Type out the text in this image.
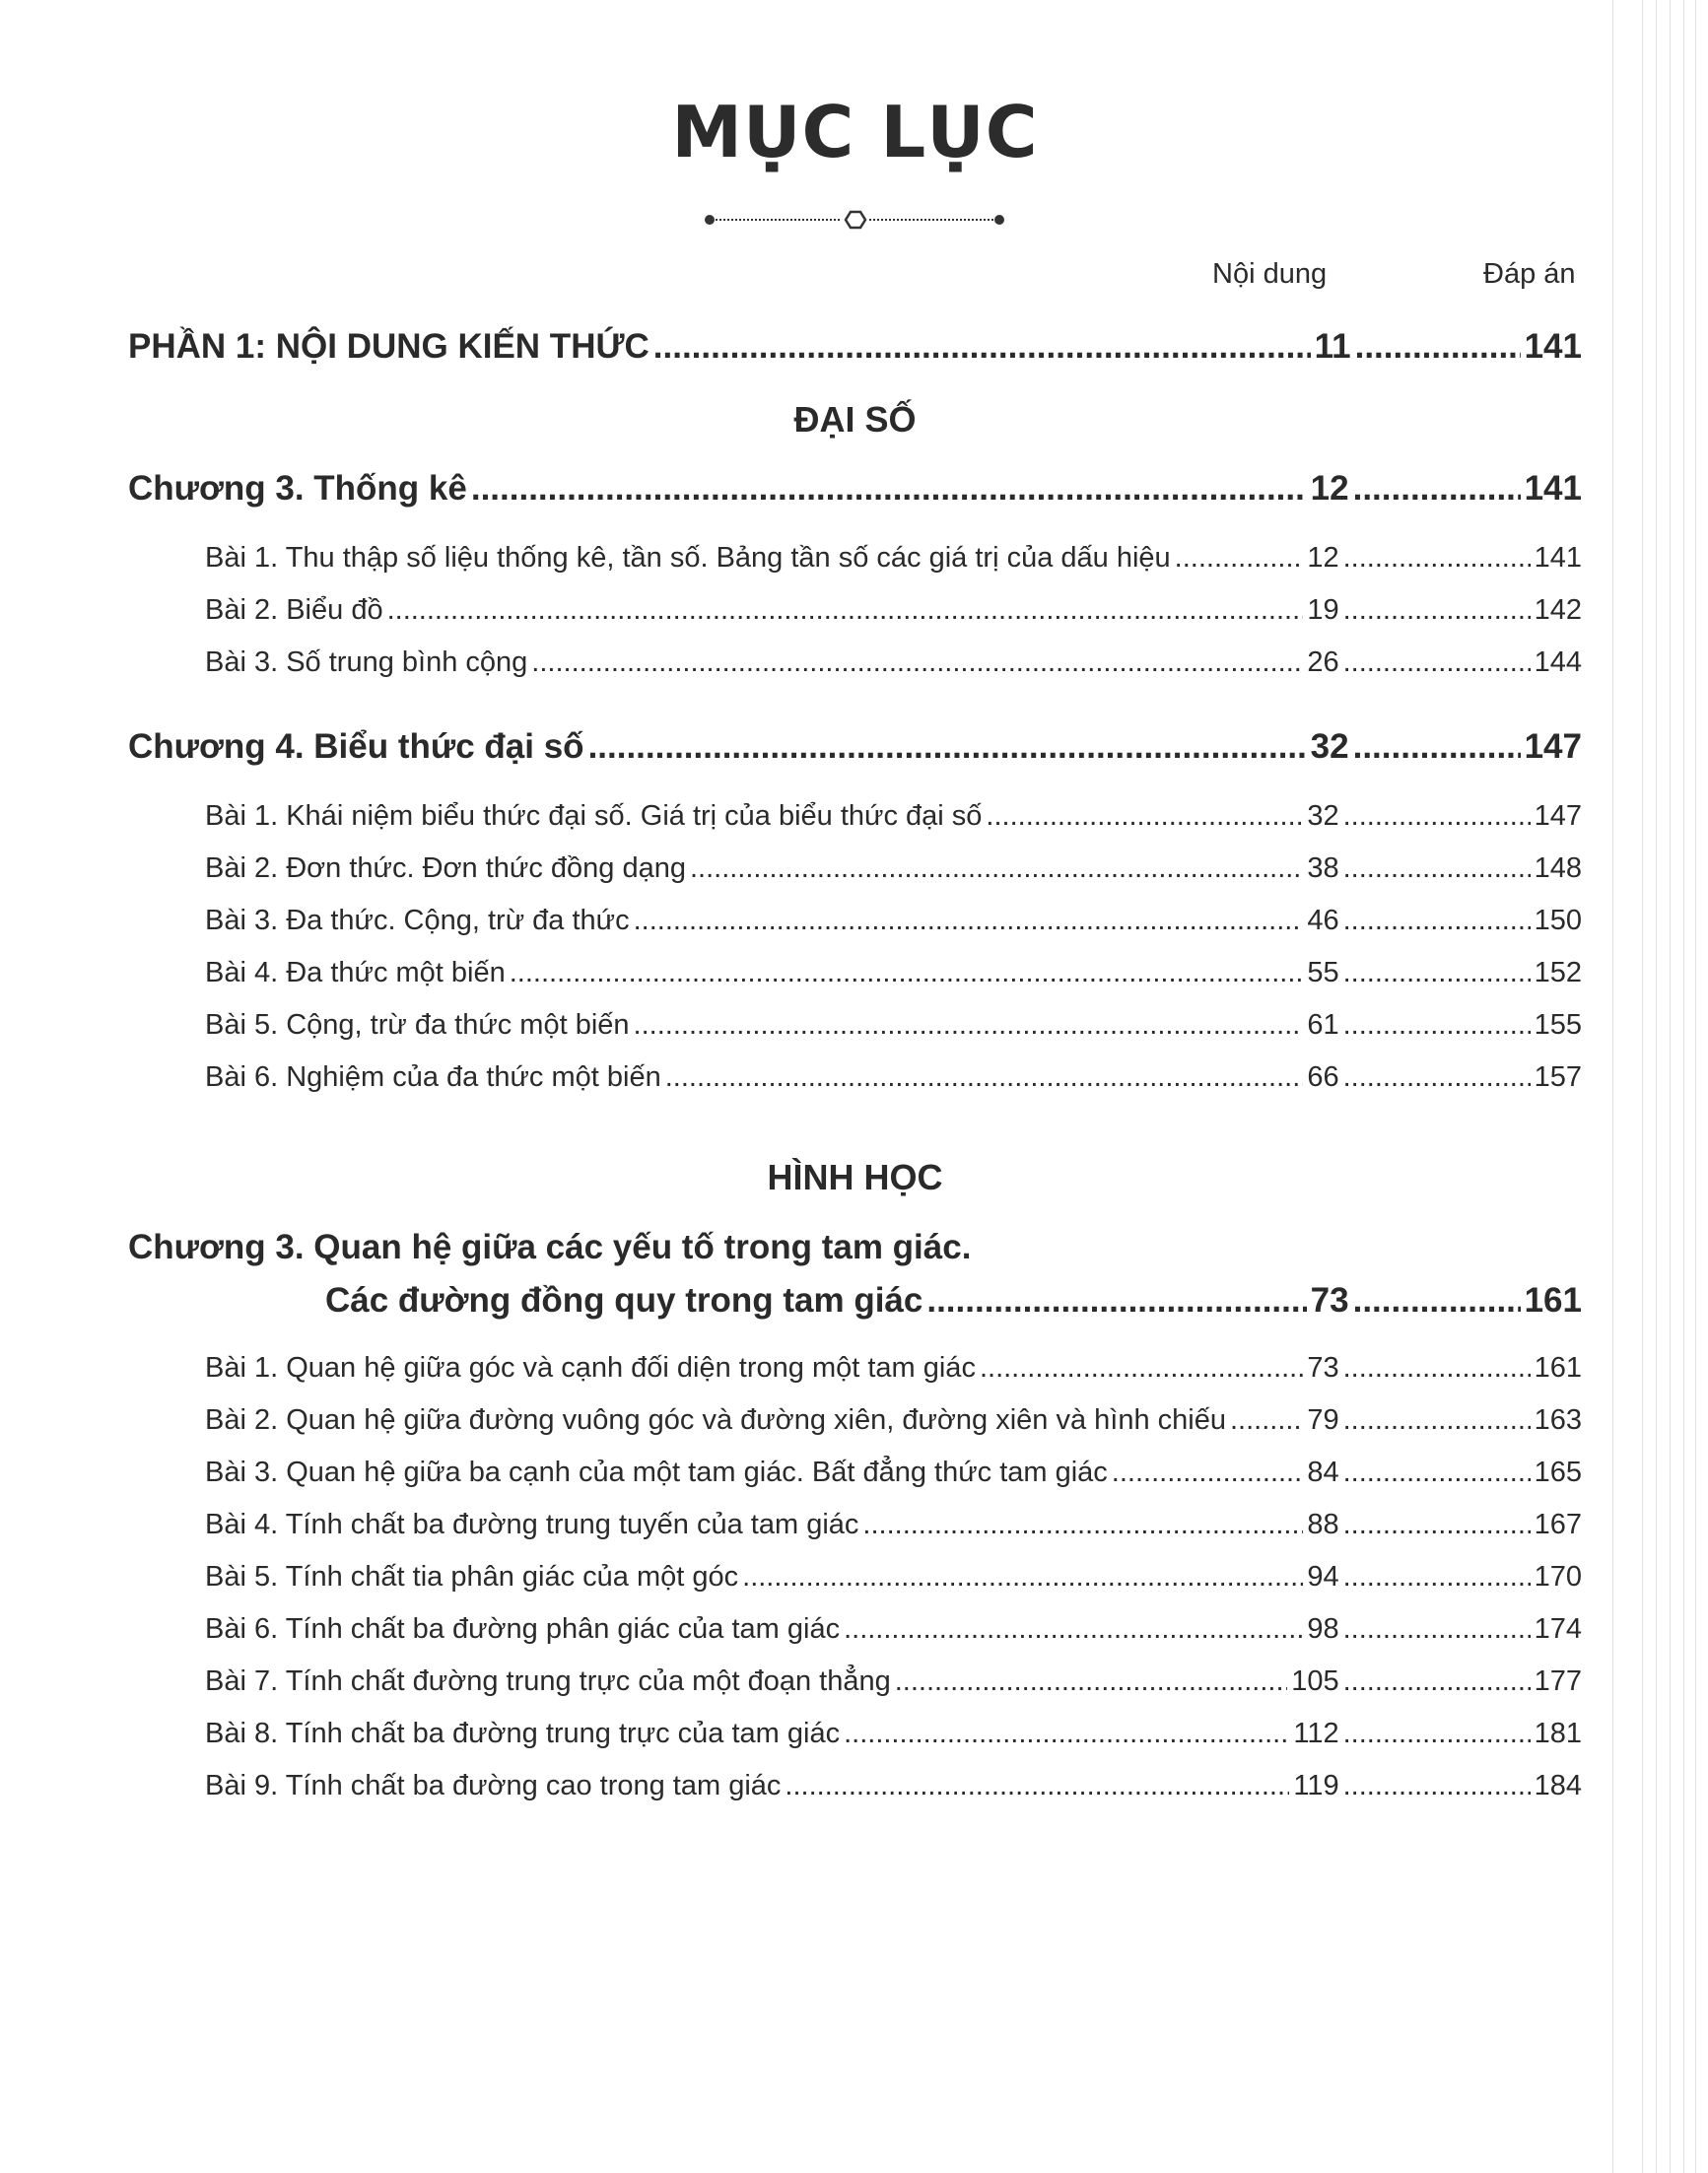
MỤC LỤC
Nội dung	Đáp án
PHẦN 1: NỘI DUNG KIẾN THỨC .....	11 .....	141
ĐẠI SỐ
Chương 3. Thống kê .....	12 .....	141
Bài 1. Thu thập số liệu thống kê, tần số. Bảng tần số các giá trị của dấu hiệu .....	12 .....	141
Bài 2. Biểu đồ .....	19 .....	142
Bài 3. Số trung bình cộng .....	26 .....	144
Chương 4. Biểu thức đại số .....	32 .....	147
Bài 1. Khái niệm biểu thức đại số. Giá trị của biểu thức đại số .....	32 .....	147
Bài 2. Đơn thức. Đơn thức đồng dạng .....	38 .....	148
Bài 3. Đa thức. Cộng, trừ đa thức .....	46 .....	150
Bài 4. Đa thức một biến .....	55 .....	152
Bài 5. Cộng, trừ đa thức một biến .....	61 .....	155
Bài 6. Nghiệm của đa thức một biến .....	66 .....	157
HÌNH HỌC
Chương 3. Quan hệ giữa các yếu tố trong tam giác.
Các đường đồng quy trong tam giác .....	73 .....	161
Bài 1. Quan hệ giữa góc và cạnh đối diện trong một tam giác .....	73 .....	161
Bài 2. Quan hệ giữa đường vuông góc và đường xiên, đường xiên và hình chiếu .....	79 .....	163
Bài 3. Quan hệ giữa ba cạnh của một tam giác. Bất đẳng thức tam giác .....	84 .....	165
Bài 4. Tính chất ba đường trung tuyến của tam giác .....	88 .....	167
Bài 5. Tính chất tia phân giác của một góc .....	94 .....	170
Bài 6. Tính chất ba đường phân giác của tam giác .....	98 .....	174
Bài 7. Tính chất đường trung trực của một đoạn thẳng .....	105 .....	177
Bài 8. Tính chất ba đường trung trực của tam giác .....	112 .....	181
Bài 9. Tính chất ba đường cao trong tam giác .....	119 .....	184
